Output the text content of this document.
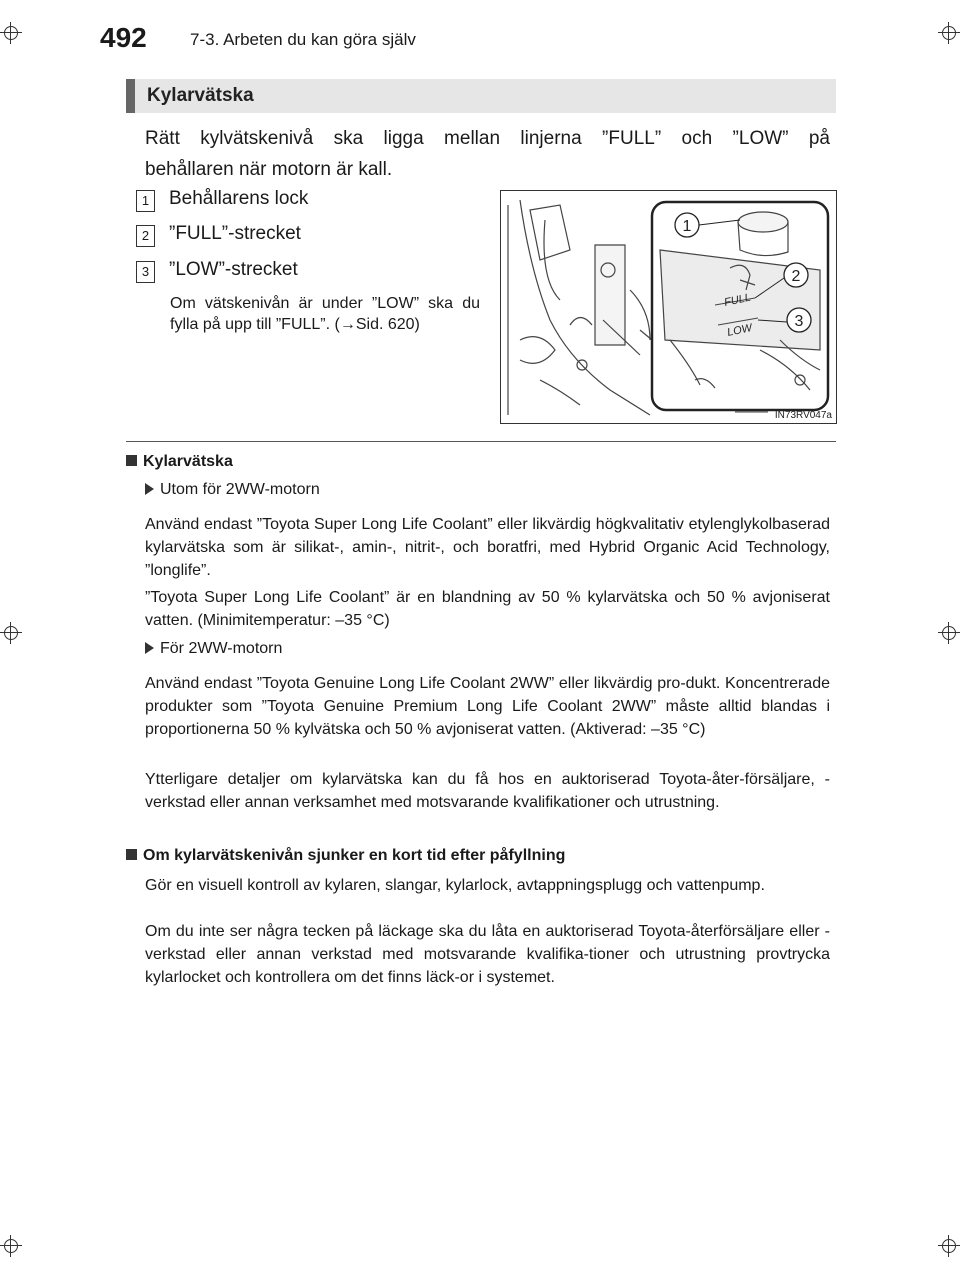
492	7-3. Arbeten du kan göra själv
Kylarvätska
Rätt kylvätskenivå ska ligga mellan linjerna ”FULL” och ”LOW” på
behållaren när motorn är kall.
1	Behållarens lock
2	”FULL”-strecket
3	”LOW”-strecket
Om vätskenivån är under ”LOW” ska du fylla på upp till ”FULL”. (→Sid. 620)
FULL
LOW
1
2
3
IN73RV047a
Kylarvätska
Utom för 2WW-motorn
Använd endast ”Toyota Super Long Life Coolant” eller likvärdig högkvalitativ etylenglykolbaserad kylarvätska som är silikat-, amin-, nitrit-, och boratfri, med Hybrid Organic Acid Technology, ”longlife”.
”Toyota Super Long Life Coolant” är en blandning av 50 % kylarvätska och 50 % avjoniserat vatten. (Minimitemperatur: –35 °C)
För 2WW-motorn
Använd endast ”Toyota Genuine Long Life Coolant 2WW” eller likvärdig pro-dukt. Koncentrerade produkter som ”Toyota Genuine Premium Long Life Coolant 2WW” måste alltid blandas i proportionerna 50 % kylvätska och 50 % avjoniserat vatten. (Aktiverad: –35 °C)
Ytterligare detaljer om kylarvätska kan du få hos en auktoriserad Toyota-åter-försäljare, -verkstad eller annan verksamhet med motsvarande kvalifikationer och utrustning.
Om kylarvätskenivån sjunker en kort tid efter påfyllning
Gör en visuell kontroll av kylaren, slangar, kylarlock, avtappningsplugg och vattenpump.
Om du inte ser några tecken på läckage ska du låta en auktoriserad Toyota-återförsäljare eller -verkstad eller annan verkstad med motsvarande kvalifika-tioner och utrustning provtrycka kylarlocket och kontrollera om det finns läck-or i systemet.
